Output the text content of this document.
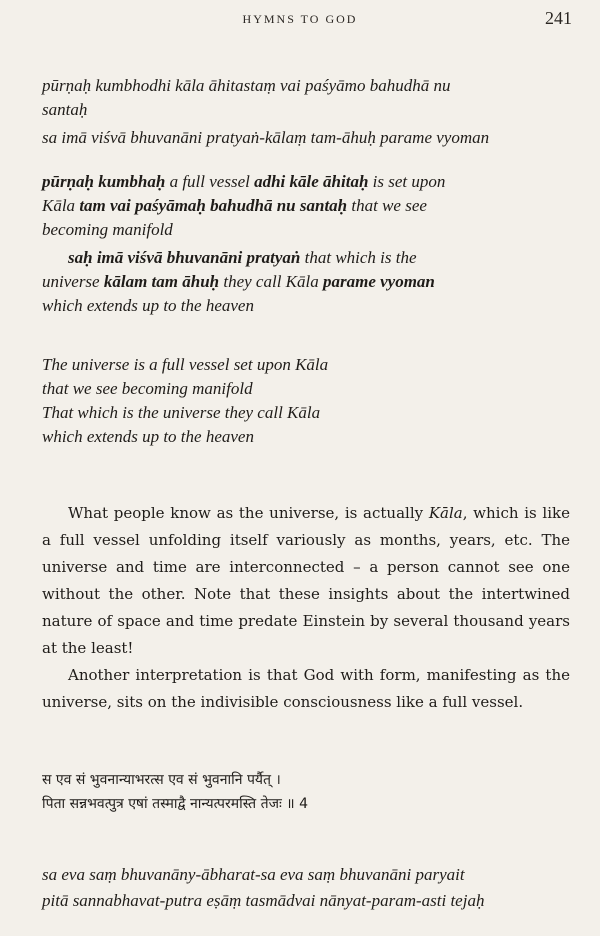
HYMNS TO GOD	241
pūrṇaḥ kumbhodhi kāla āhitastaṃ vai paśyāmo bahudhā nu
santaḥ
sa imā viśvā bhuvanāni pratyaṅ-kālaṃ tam-āhuḥ parame vyoman
pūrṇaḥ kumbhaḥ a full vessel adhi kāle āhitaḥ is set upon
Kāla tam vai paśyāmaḥ bahudhā nu santaḥ that we see
becoming manifold
saḥ imā viśvā bhuvanāni pratyaṅ that which is the
universe kālam tam āhuḥ they call Kāla parame vyoman
which extends up to the heaven
The universe is a full vessel set upon Kāla
that we see becoming manifold
That which is the universe they call Kāla
which extends up to the heaven

What people know as the universe, is actually Kāla, which is like a full vessel unfolding itself variously as months, years, etc. The universe and time are interconnected – a person cannot see one without the other. Note that these insights about the intertwined nature of space and time predate Einstein by several thousand years at the least!

Another interpretation is that God with form, manifesting as the universe, sits on the indivisible consciousness like a full vessel.

स एव सं भुवनान्याभरत्स एव सं भुवनानि पर्यैत् ।
पिता सन्नभवत्पुत्र एषां तस्माद्वै नान्यत्परमस्ति तेजः ॥ 4
sa eva saṃ bhuvanāny-ābharat-sa eva saṃ bhuvanāni paryait
pitā sannabhavat-putra eṣāṃ tasmādvai nānyat-param-asti tejaḥ
